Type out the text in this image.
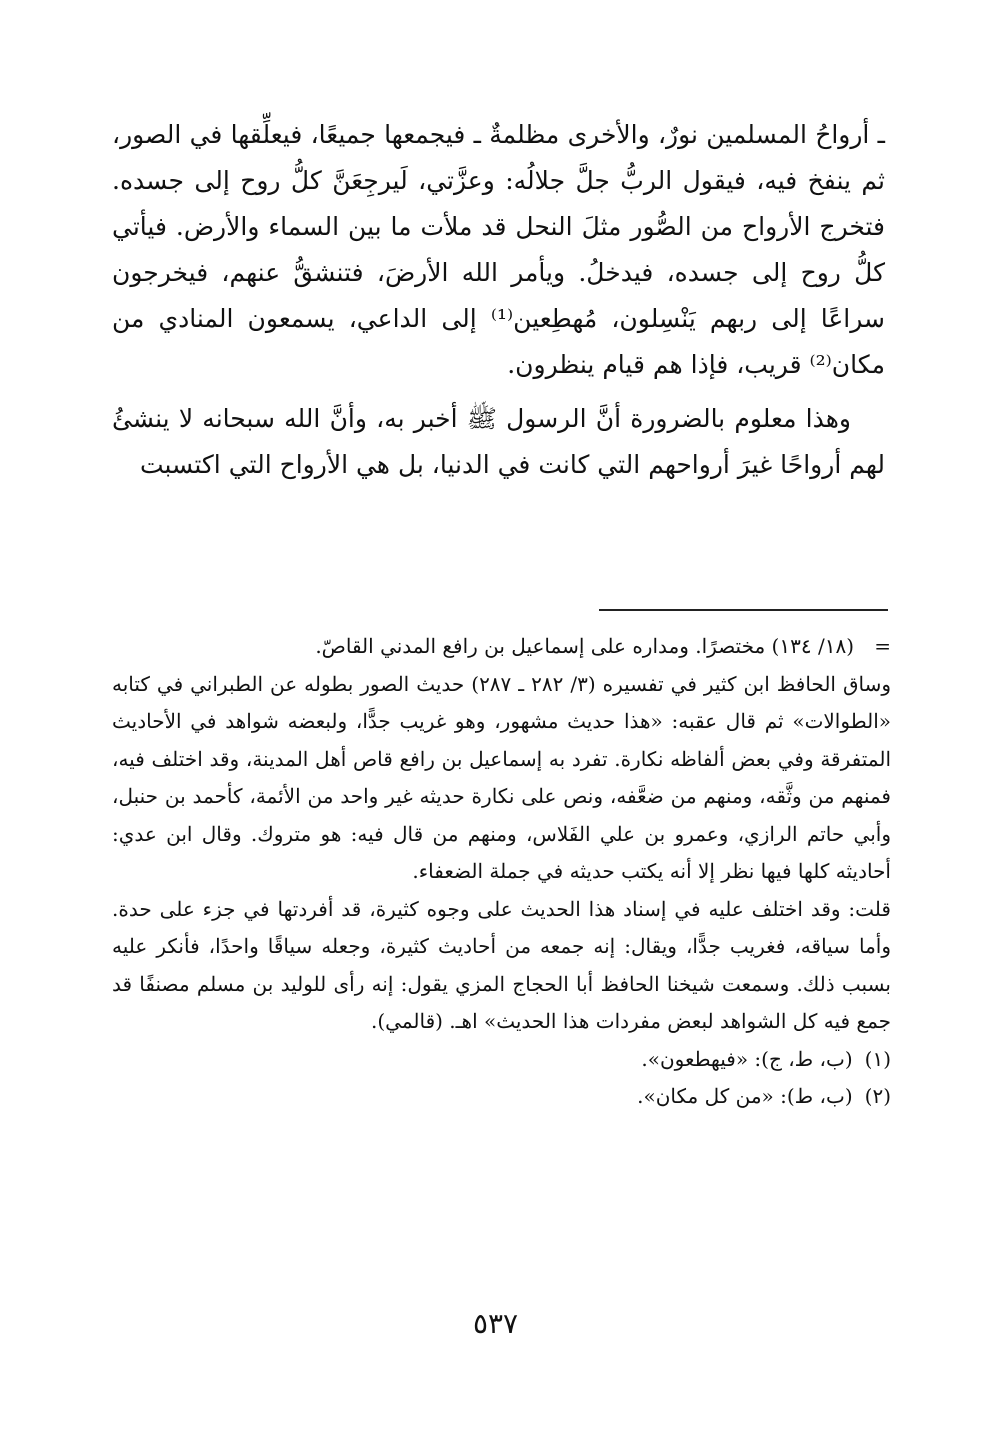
ـ أرواحُ المسلمين نورٌ، والأخرى مظلمةٌ ـ فيجمعها جميعًا، فيعلِّقها في الصور، ثم ينفخ فيه، فيقول الربُّ جلَّ جلالُه: وعزَّتي، لَيرجِعَنَّ كلُّ روح إلى جسده. فتخرج الأرواح من الصُّور مثلَ النحل قد ملأت ما بين السماء والأرض. فيأتي كلُّ روح إلى جسده، فيدخلُ. ويأمر الله الأرضَ، فتنشقُّ عنهم، فيخرجون سراعًا إلى ربهم يَنْسِلون، مُهطِعين⁽¹⁾ إلى الداعي، يسمعون المنادي من مكان⁽²⁾ قريب، فإذا هم قيام ينظرون.

وهذا معلوم بالضرورة أنَّ الرسول ﷺ أخبر به، وأنَّ الله سبحانه لا ينشئُ لهم أرواحًا غيرَ أرواحهم التي كانت في الدنيا، بل هي الأرواح التي اكتسبت

=
(١٨/ ١٣٤) مختصرًا. ومداره على إسماعيل بن رافع المدني القاصّ.

وساق الحافظ ابن كثير في تفسيره (٣/ ٢٨٢ ـ ٢٨٧) حديث الصور بطوله عن الطبراني في كتابه «الطوالات» ثم قال عقبه: «هذا حديث مشهور، وهو غريب جدًّا، ولبعضه شواهد في الأحاديث المتفرقة وفي بعض ألفاظه نكارة. تفرد به إسماعيل بن رافع قاص أهل المدينة، وقد اختلف فيه، فمنهم من وثَّقه، ومنهم من ضعَّفه، ونص على نكارة حديثه غير واحد من الأئمة، كأحمد بن حنبل، وأبي حاتم الرازي، وعمرو بن علي الفَلاس، ومنهم من قال فيه: هو متروك. وقال ابن عدي: أحاديثه كلها فيها نظر إلا أنه يكتب حديثه في جملة الضعفاء.

قلت: وقد اختلف عليه في إسناد هذا الحديث على وجوه كثيرة، قد أفردتها في جزء على حدة. وأما سياقه، فغريب جدًّا، ويقال: إنه جمعه من أحاديث كثيرة، وجعله سياقًا واحدًا، فأنكر عليه بسبب ذلك. وسمعت شيخنا الحافظ أبا الحجاج المزي يقول: إنه رأى للوليد بن مسلم مصنفًا قد جمع فيه كل الشواهد لبعض مفردات هذا الحديث» اهـ. (قالمي).

(١)
(ب، ط، ج): «فيهطعون».
(٢)
(ب، ط): «من كل مكان».
٥٣٧
